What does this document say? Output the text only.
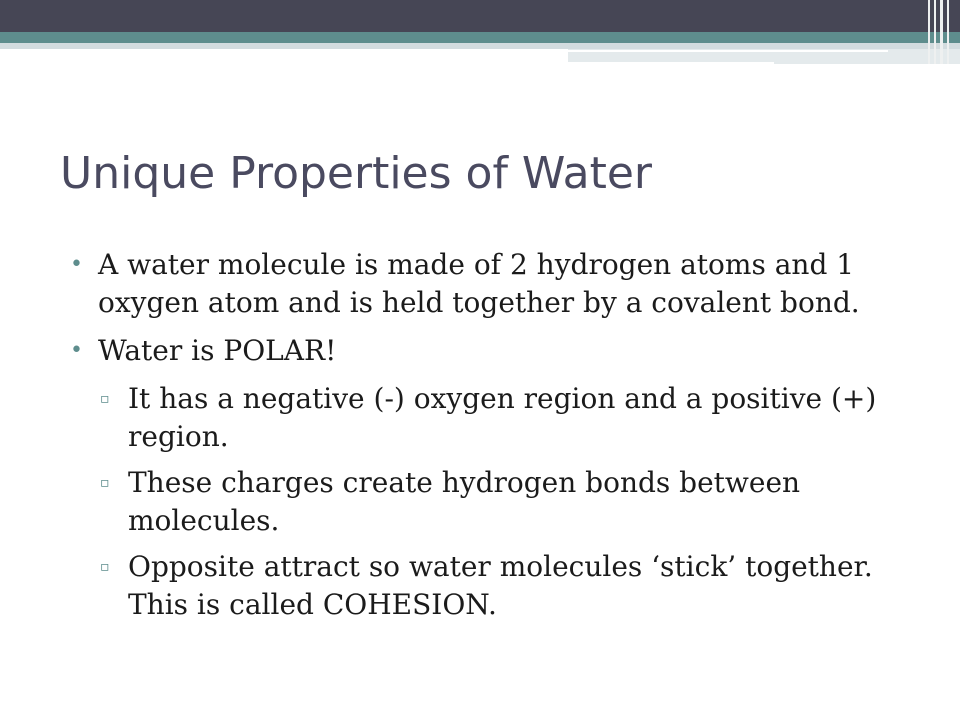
Unique Properties of Water
• A water molecule is made of 2 hydrogen atoms and 1 oxygen atom and is held together by a covalent bond.
• Water is POLAR!
▫ It has a negative (-) oxygen region and a positive (+) region.
▫ These charges create hydrogen bonds between molecules.
▫ Opposite attract so water molecules ‘stick’ together. This is called COHESION.
